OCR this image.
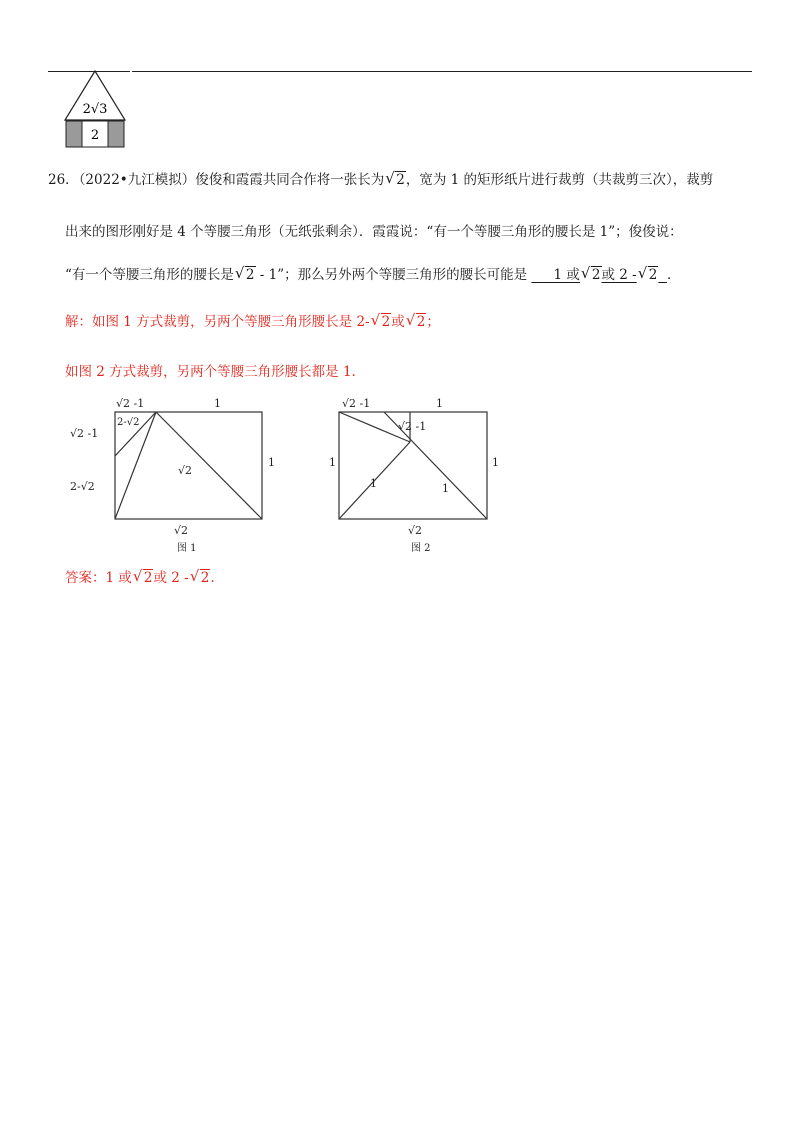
2√3
2
26．（2022•九江模拟）俊俊和霞霞共同合作将一张长为 √ 2，宽为 1 的矩形纸片进行裁剪（共裁剪三次），裁剪
出来的图形刚好是 4 个等腰三角形（无纸张剩余）．霞霞说：“有一个等腰三角形的腰长是 1”；俊俊说：
“有一个等腰三角形的腰长是 √ 2 - 1”；那么另外两个等腰三角形的腰长可能是   　1 或 √ 2或 2 - √ 2 ．
解：如图 1 方式裁剪，另两个等腰三角形腰长是 2- √ 2或 √ 2；
如图 2 方式裁剪，另两个等腰三角形腰长都是 1.
√2 -1	1
2-√2
√2 -1
2-√2
√2
1
√2
图 1
√2 -1	1
√2 -1
1	1
1	1
√2
图 2
答案：1 或 √ 2或 2 - √ 2.
